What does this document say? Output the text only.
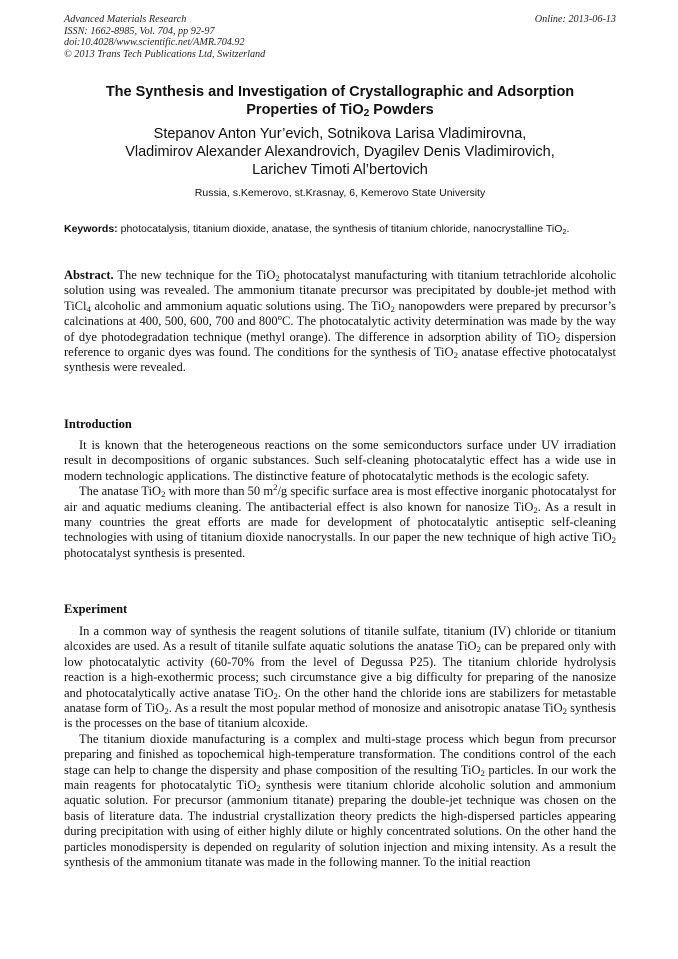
Advanced Materials Research
ISSN: 1662-8985, Vol. 704, pp 92-97
doi:10.4028/www.scientific.net/AMR.704.92
© 2013 Trans Tech Publications Ltd, Switzerland
Online: 2013-06-13
The Synthesis and Investigation of Crystallographic and Adsorption
Properties of TiO$_2$ Powders
Stepanov Anton Yur’evich, Sotnikova Larisa Vladimirovna,
Vladimirov Alexander Alexandrovich, Dyagilev Denis Vladimirovich,
Larichev Timoti Al’bertovich
Russia, s.Kemerovo, st.Krasnay, 6, Kemerovo State University
Keywords: photocatalysis, titanium dioxide, anatase, the synthesis of titanium chloride, nanocrystalline TiO$_2$.

Abstract. The new technique for the TiO$_2$ photocatalyst manufacturing with titanium tetrachloride alcoholic solution using was revealed. The ammonium titanate precursor was precipitated by double-jet method with TiCl$_4$ alcoholic and ammonium aquatic solutions using. The TiO$_2$ nanopowders were prepared by precursor’s calcinations at 400, 500, 600, 700 and 800$^o$C. The photocatalytic activity determination was made by the way of dye photodegradation technique (methyl orange). The difference in adsorption ability of TiO$_2$ dispersion reference to organic dyes was found. The conditions for the synthesis of TiO$_2$ anatase effective photocatalyst synthesis were revealed.

Introduction

It is known that the heterogeneous reactions on the some semiconductors surface under UV irradiation result in decompositions of organic substances. Such self-cleaning photocatalytic effect has a wide use in modern technologic applications. The distinctive feature of photocatalytic methods is the ecologic safety.

The anatase TiO$_2$ with more than 50 $m^2/g$ specific surface area is most effective inorganic photocatalyst for air and aquatic mediums cleaning. The antibacterial effect is also known for nanosize TiO$_2$. As a result in many countries the great efforts are made for development of photocatalytic antiseptic self-cleaning technologies with using of titanium dioxide nanocrystalls. In our paper the new technique of high active TiO$_2$ photocatalyst synthesis is presented.

Experiment

In a common way of synthesis the reagent solutions of titanile sulfate, titanium (IV) chloride or titanium alcoxides are used. As a result of titanile sulfate aquatic solutions the anatase TiO$_2$ can be prepared only with low photocatalytic activity (60-70% from the level of Degussa P25). The titanium chloride hydrolysis reaction is a high-exothermic process; such circumstance give a big difficulty for preparing of the nanosize and photocatalytically active anatase TiO$_2$. On the other hand the chloride ions are stabilizers for metastable anatase form of TiO$_2$. As a result the most popular method of monosize and anisotropic anatase TiO$_2$ synthesis is the processes on the base of titanium alcoxide.

The titanium dioxide manufacturing is a complex and multi-stage process which begun from precursor preparing and finished as topochemical high-temperature transformation. The conditions control of the each stage can help to change the dispersity and phase composition of the resulting TiO$_2$ particles. In our work the main reagents for photocatalytic TiO$_2$ synthesis were titanium chloride alcoholic solution and ammonium aquatic solution. For precursor (ammonium titanate) preparing the double-jet technique was chosen on the basis of literature data. The industrial crystallization theory predicts the high-dispersed particles appearing during precipitation with using of either highly dilute or highly concentrated solutions. On the other hand the particles monodispersity is depended on regularity of solution injection and mixing intensity. As a result the synthesis of the ammonium titanate was made in the following manner. To the initial reaction
